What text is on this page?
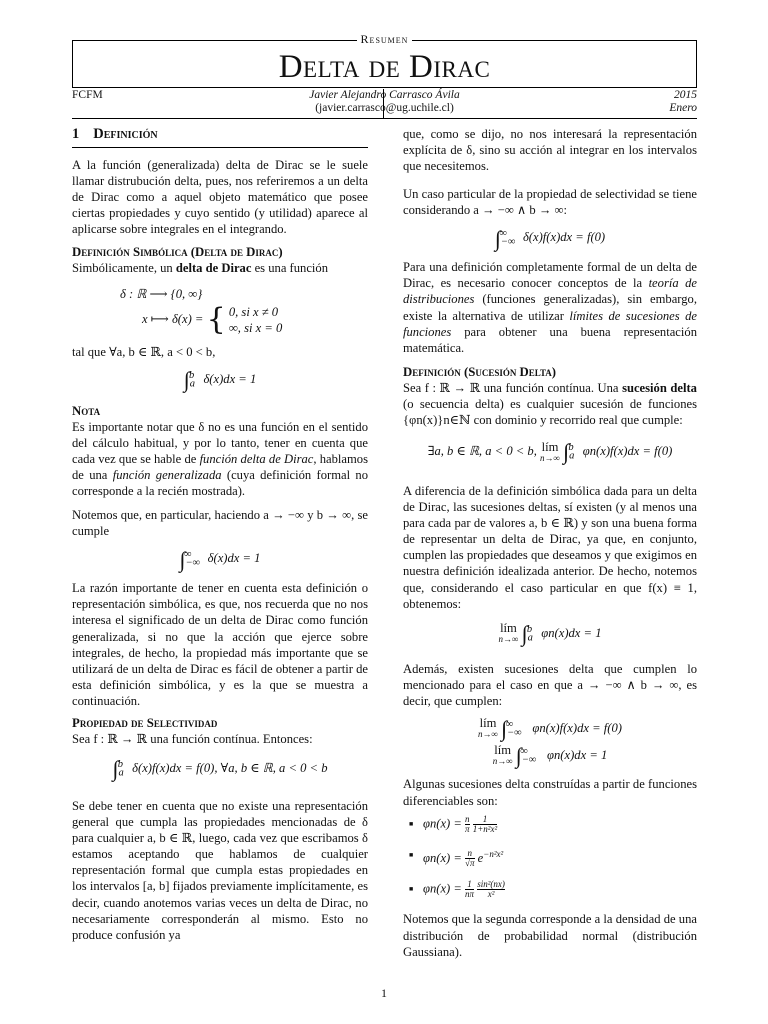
Resumen
Delta de Dirac
FCFM	Javier Alejandro Carrasco Ávila
(javier.carrasco@ug.uchile.cl)
2015
Enero
1 Definición

A la función (generalizada) delta de Dirac se le suele llamar distrubución delta, pues, nos referiremos a un delta de Dirac como a aquel objeto matemático que posee ciertas propiedades y cuyo sentido (y utilidad) aparece al aplicarse sobre integrales en el integrando.

Definición Simbólica (Delta de Dirac)

Simbólicamente, un delta de Dirac es una función

δ : ℝ ⟶ {0, ∞}
x ⟼ δ(x) = { 0, si x ≠ 0
∞, si x = 0

tal que ∀a, b ∈ ℝ, a < 0 < b,

$\int_a^b$ δ(x)dx = 1
Nota

Es importante notar que δ no es una función en el sentido del cálculo habitual, y por lo tanto, tener en cuenta que cada vez que se hable de función delta de Dirac, hablamos de una función generalizada (cuya definición formal no corresponde a la recién mostrada).

Notemos que, en particular, haciendo a → −∞ y b → ∞, se cumple

$\int_{-\infty}^\infty$ δ(x)dx = 1

La razón importante de tener en cuenta esta definición o representación simbólica, es que, nos recuerda que no nos interesa el significado de un delta de Dirac como función generalizada, si no que la acción que ejerce sobre integrales, de hecho, la propiedad más importante que se utilizará de un delta de Dirac es fácil de obtener a partir de esta definición simbólica, y es la que se muestra a continuación.

Propiedad de Selectividad

Sea f : ℝ → ℝ una función contínua. Entonces:

$\int_a^b$ δ(x)f(x)dx = f(0), ∀a, b ∈ ℝ, a < 0 < b

Se debe tener en cuenta que no existe una representación general que cumpla las propiedades mencionadas de δ para cualquier a, b ∈ ℝ, luego, cada vez que escribamos δ estamos aceptando que hablamos de cualquier representación formal que cumpla estas propiedades en los intervalos [a, b] fijados previamente implícitamente, es decir, cuando anotemos varias veces un delta de Dirac, no necesariamente corresponderán al mismo. Esto no produce confusión ya

que, como se dijo, no nos interesará la representación explícita de δ, sino su acción al integrar en los intervalos que necesitemos.

Un caso particular de la propiedad de selectividad se tiene considerando a → −∞ ∧ b → ∞:

$\int_{-\infty}^\infty$ δ(x)f(x)dx = f(0)

Para una definición completamente formal de un delta de Dirac, es necesario conocer conceptos de la teoría de distribuciones (funciones generalizadas), sin embargo, existe la alternativa de utilizar límites de sucesiones de funciones para obtener una buena representación matemática.

Definición (Sucesión Delta)

Sea f : ℝ → ℝ una función contínua. Una sucesión delta (o secuencia delta) es cualquier sucesión de funciones {φn(x)}n∈ℕ con dominio y recorrido real que cumple:

∃a, b ∈ ℝ, a < 0 < b, lím
n→∞ $\int_a^b$ φn(x)f(x)dx = f(0)

A diferencia de la definición simbólica dada para un delta de Dirac, las sucesiones deltas, sí existen (y al menos una para cada par de valores a, b ∈ ℝ) y son una buena forma de representar un delta de Dirac, ya que, en conjunto, cumplen las propiedades que deseamos y que exigimos en nuestra definición idealizada anterior. De hecho, notemos que, considerando el caso particular en que f(x) ≡ 1, obtenemos:

lím
n→∞ $\int_a^b$ φn(x)dx = 1

Además, existen sucesiones delta que cumplen lo mencionado para el caso en que a → −∞ ∧ b → ∞, es decir, que cumplen:

lím
n→∞ $\int_{-\infty}^\infty$ φn(x)f(x)dx = f(0)
lím
n→∞ $\int_{-\infty}^\infty$ φn(x)dx = 1

Algunas sucesiones delta construídas a partir de funciones diferenciables son:

■ $\varphi n(x) = \frac{n}{\pi}$
$\frac{1}{\text{1+n²x²}}$
■ $\varphi n(x) = \frac{n}{√\pi} e^{-n^2x^2}$
■ $\varphi n(x) = \frac{1}{n\pi}$
$\frac{\text{sin²(nx)}}{\text{x²}}$

Notemos que la segunda corresponde a la densidad de una distribución de probabilidad normal (distribución Gaussiana).

1
